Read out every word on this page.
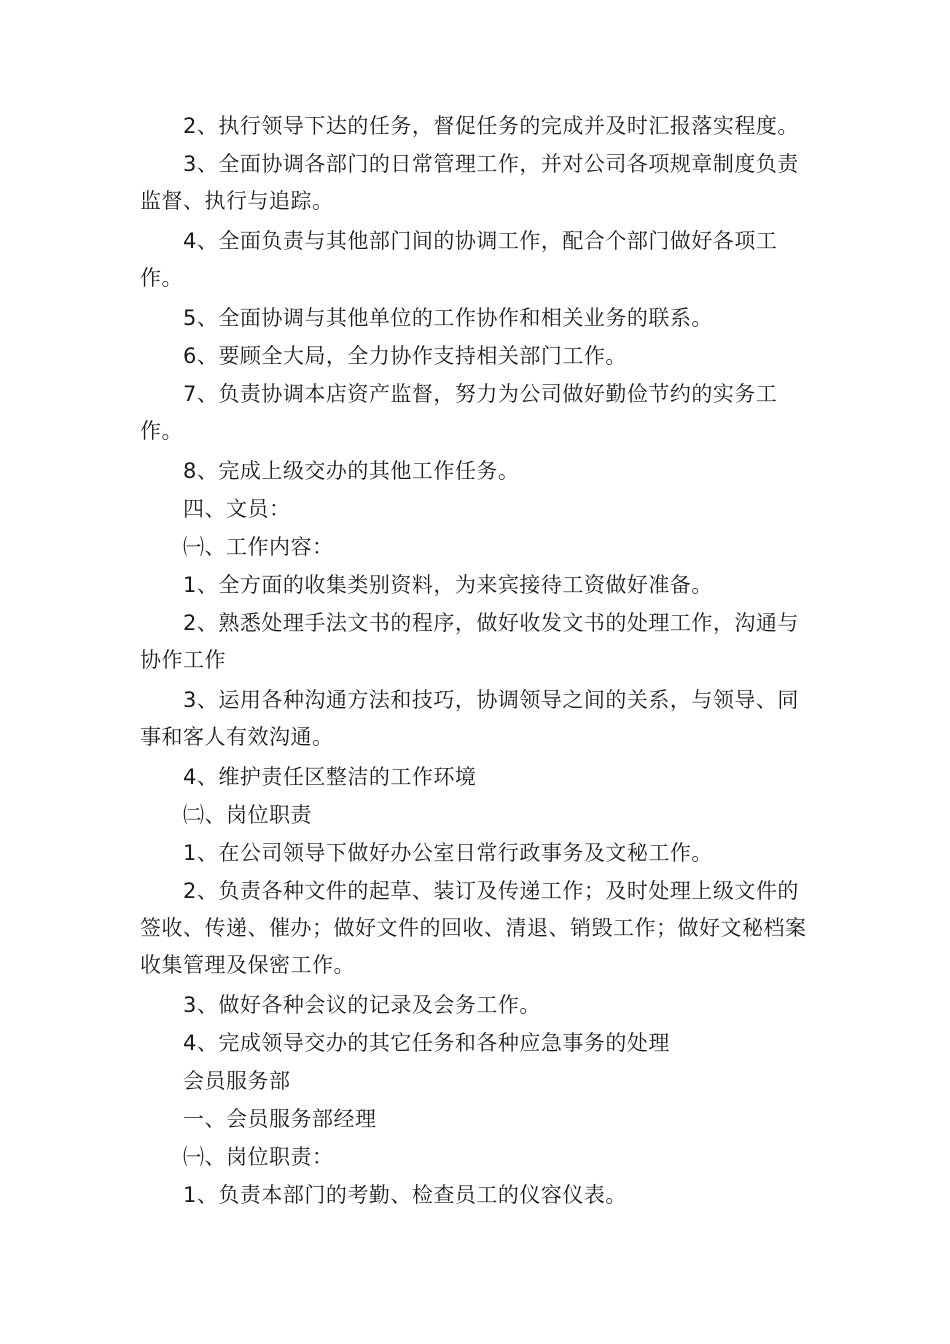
2、执行领导下达的任务，督促任务的完成并及时汇报落实程度。

3、全面协调各部门的日常管理工作，并对公司各项规章制度负责监督、执行与追踪。

4、全面负责与其他部门间的协调工作，配合个部门做好各项工作。

5、全面协调与其他单位的工作协作和相关业务的联系。

6、要顾全大局，全力协作支持相关部门工作。

7、负责协调本店资产监督，努力为公司做好勤俭节约的实务工作。

8、完成上级交办的其他工作任务。

四、文员：

㈠、工作内容：

1、全方面的收集类别资料，为来宾接待工资做好准备。

2、熟悉处理手法文书的程序，做好收发文书的处理工作，沟通与协作工作

3、运用各种沟通方法和技巧，协调领导之间的关系，与领导、同事和客人有效沟通。

4、维护责任区整洁的工作环境

㈡、岗位职责

1、在公司领导下做好办公室日常行政事务及文秘工作。

2、负责各种文件的起草、装订及传递工作；及时处理上级文件的签收、传递、催办；做好文件的回收、清退、销毁工作；做好文秘档案收集管理及保密工作。

3、做好各种会议的记录及会务工作。

4、完成领导交办的其它任务和各种应急事务的处理

会员服务部

一、会员服务部经理

㈠、岗位职责：

1、负责本部门的考勤、检查员工的仪容仪表。
